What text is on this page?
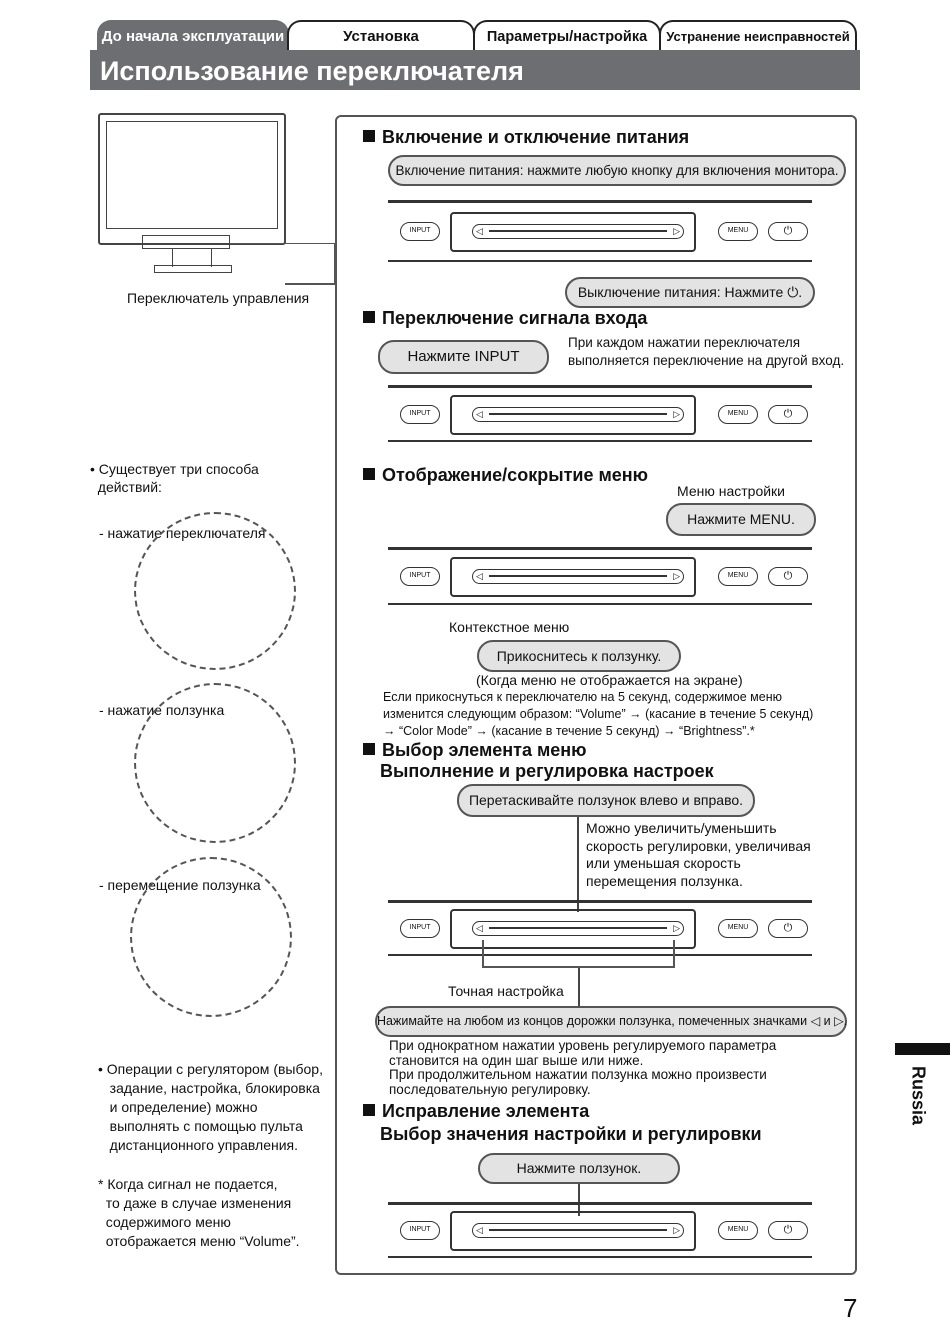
До начала эксплуатации	Установка	Параметры/настройка	Устранение неисправностей
Использование переключателя
Переключатель управления
• Существует три способа
действий:
- нажатие переключателя
- нажатие ползунка
- перемещение ползунка
• Операции с регулятором (выбор,
задание, настройка, блокировка
и определение) можно
выполнять с помощью пульта
дистанционного управления.
* Когда сигнал не подается,
то даже в случае изменения
содержимого меню
отображается меню “Volume”.
Включение и отключение питания
Включение питания: нажмите любую кнопку для включения монитора.
INPUT	◁	▷	MENU	⏻
Выключение питания: Нажмите ⏻.
Переключение сигнала входа
Нажмите INPUT
При каждом нажатии переключателя
выполняется переключение на другой вход.
INPUT	◁	▷	MENU	⏻
Отображение/сокрытие меню
Меню настройки
Нажмите MENU.
INPUT	◁	▷	MENU	⏻
Контекстное меню
Прикоснитесь к ползунку.
(Когда меню не отображается на экране)
Если прикоснуться к переключателю на 5 секунд, содержимое меню
изменится следующим образом: “Volume” → (касание в течение 5 секунд)
→ “Color Mode” → (касание в течение 5 секунд) → “Brightness”.*
Выбор элемента меню
Выполнение и регулировка настроек
Перетаскивайте ползунок влево и вправо.
Можно увеличить/уменьшить
скорость регулировки, увеличивая
или уменьшая скорость
перемещения ползунка.
INPUT	◁	▷	MENU	⏻
Точная настройка
Нажимайте на любом из концов дорожки ползунка, помеченных значками ◁ и ▷.
При однократном нажатии уровень регулируемого параметра
становится на один шаг выше или ниже.
При продолжительном нажатии ползунка можно произвести
последовательную регулировку.
Исправление элемента
Выбор значения настройки и регулировки
Нажмите ползунок.
INPUT	◁	▷	MENU	⏻
Russia
7
